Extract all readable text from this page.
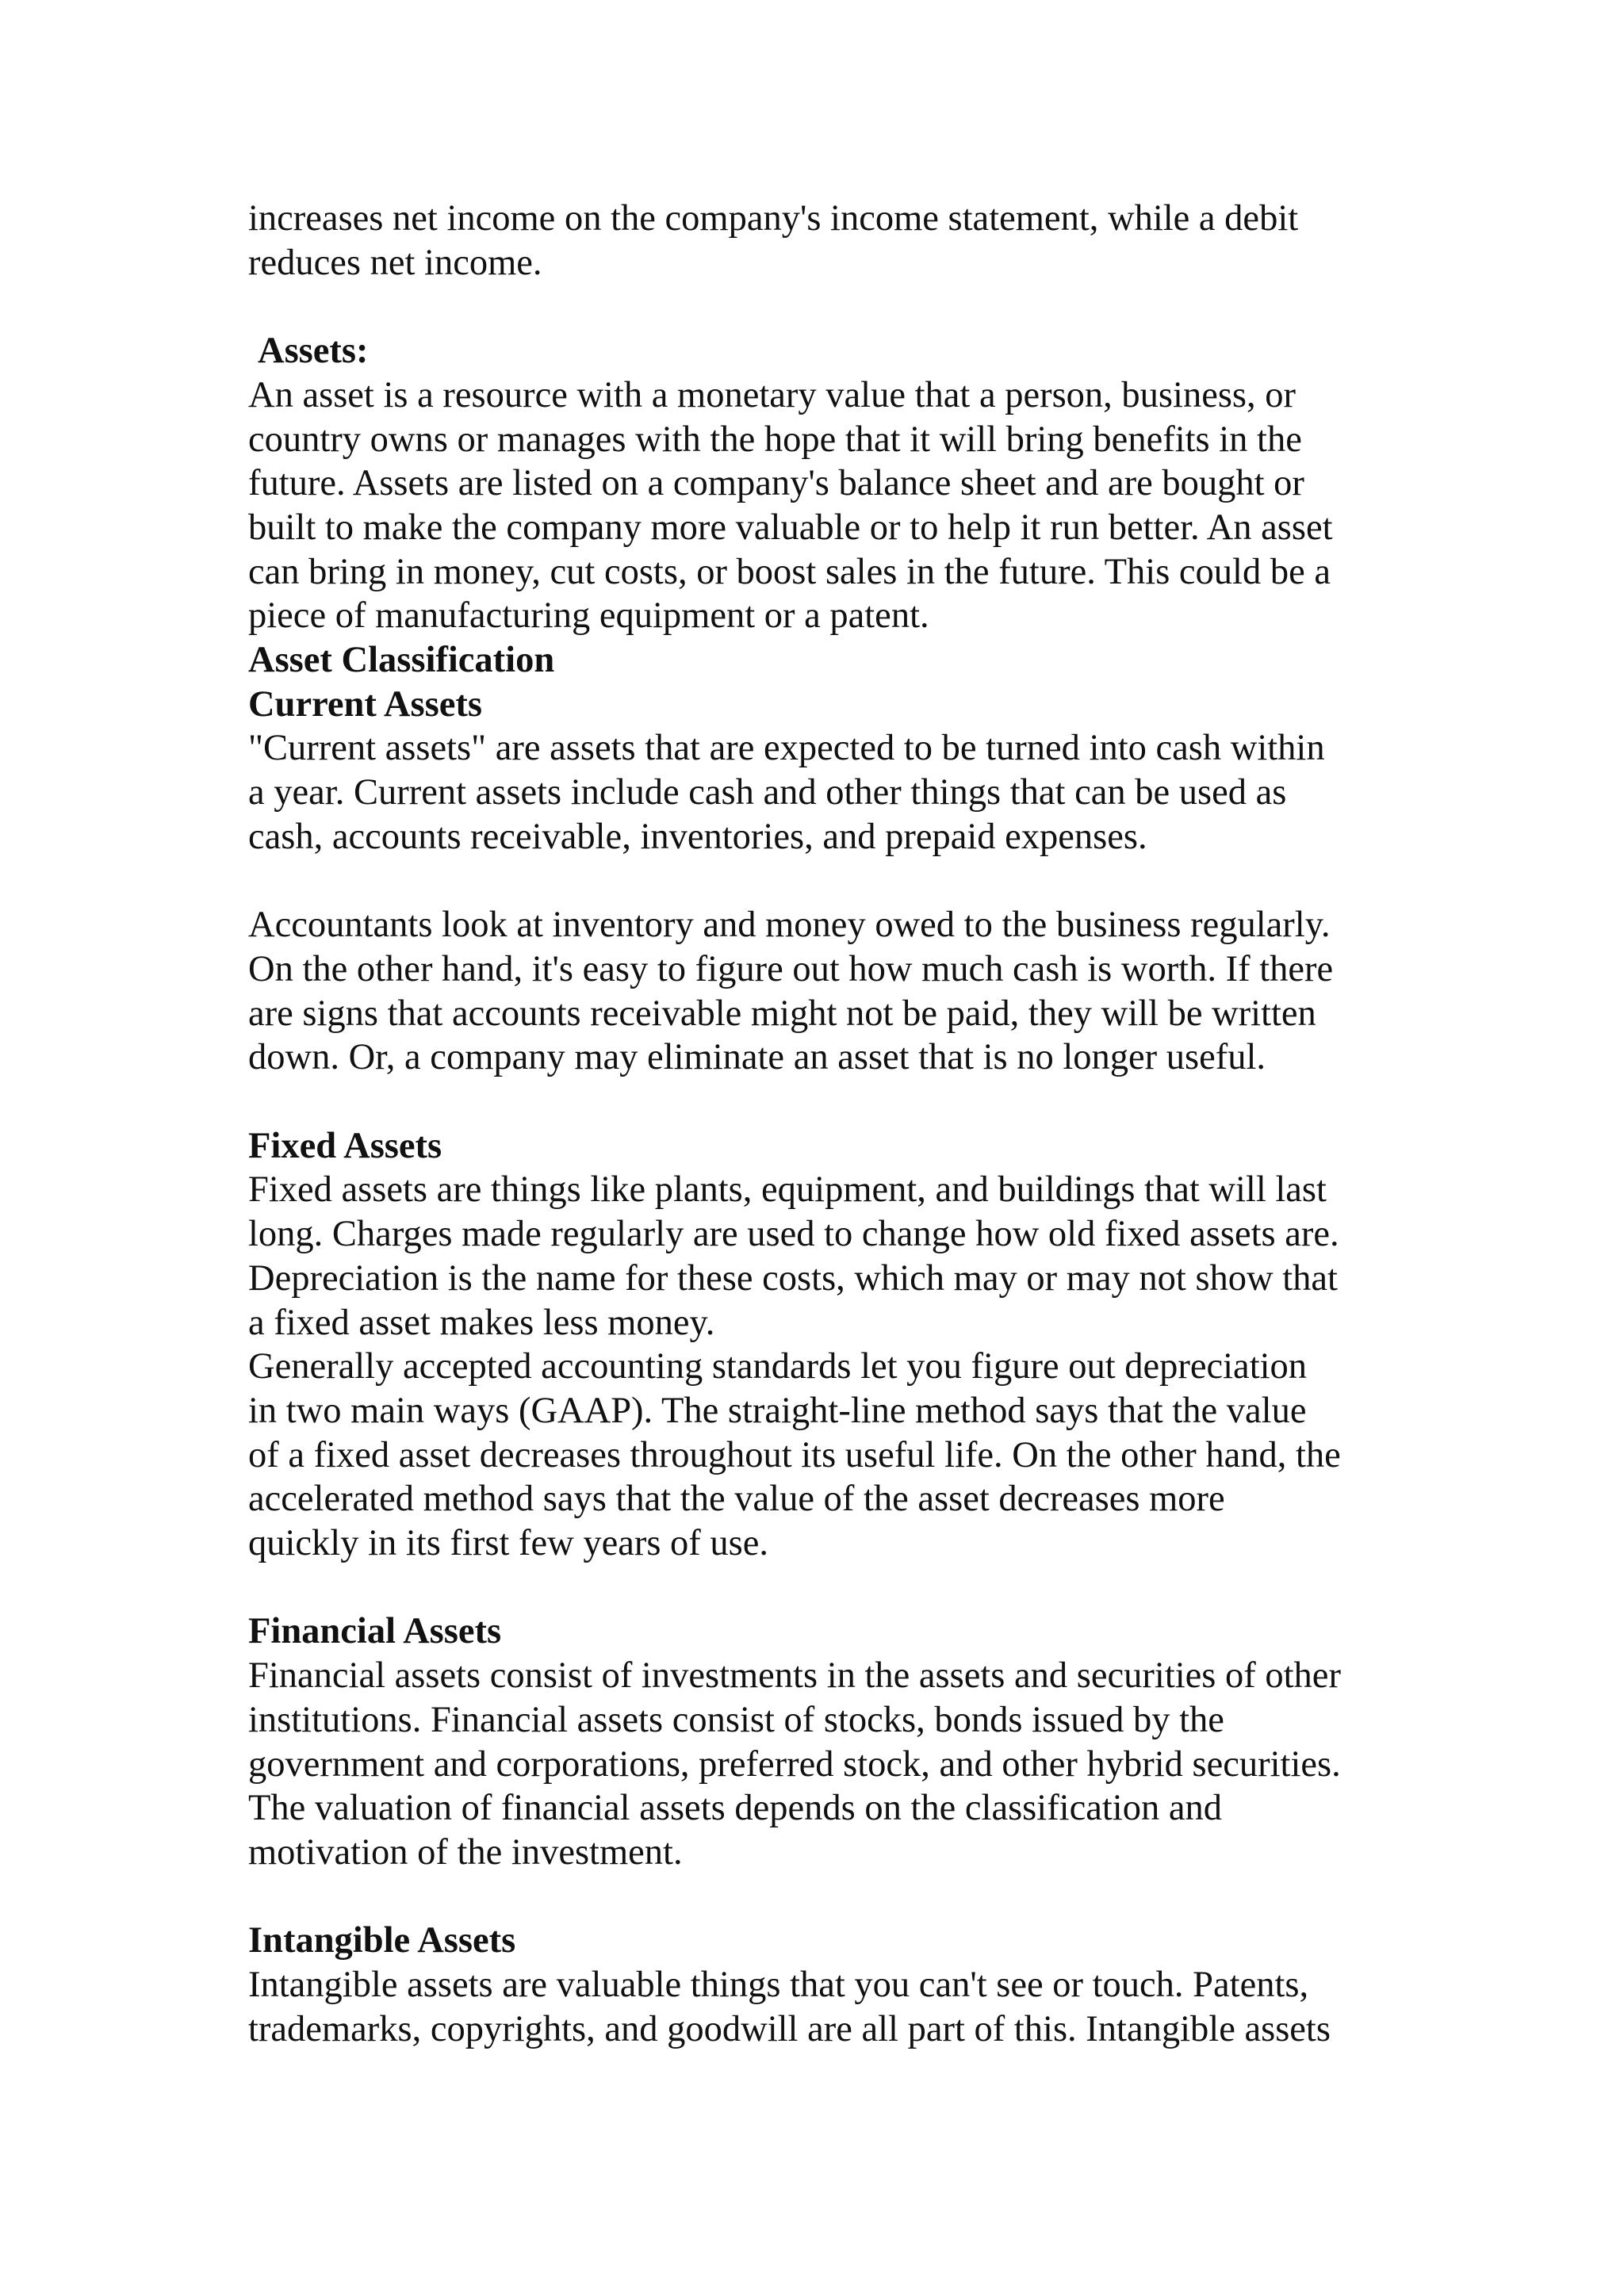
increases net income on the company's income statement, while a debit
reduces net income.
Assets:
An asset is a resource with a monetary value that a person, business, or
country owns or manages with the hope that it will bring benefits in the
future. Assets are listed on a company's balance sheet and are bought or
built to make the company more valuable or to help it run better. An asset
can bring in money, cut costs, or boost sales in the future. This could be a
piece of manufacturing equipment or a patent.
Asset Classification
Current Assets
"Current assets" are assets that are expected to be turned into cash within
a year. Current assets include cash and other things that can be used as
cash, accounts receivable, inventories, and prepaid expenses.
Accountants look at inventory and money owed to the business regularly.
On the other hand, it's easy to figure out how much cash is worth. If there
are signs that accounts receivable might not be paid, they will be written
down. Or, a company may eliminate an asset that is no longer useful.
Fixed Assets
Fixed assets are things like plants, equipment, and buildings that will last
long. Charges made regularly are used to change how old fixed assets are.
Depreciation is the name for these costs, which may or may not show that
a fixed asset makes less money.
Generally accepted accounting standards let you figure out depreciation
in two main ways (GAAP). The straight-line method says that the value
of a fixed asset decreases throughout its useful life. On the other hand, the
accelerated method says that the value of the asset decreases more
quickly in its first few years of use.
Financial Assets
Financial assets consist of investments in the assets and securities of other
institutions. Financial assets consist of stocks, bonds issued by the
government and corporations, preferred stock, and other hybrid securities.
The valuation of financial assets depends on the classification and
motivation of the investment.
Intangible Assets
Intangible assets are valuable things that you can't see or touch. Patents,
trademarks, copyrights, and goodwill are all part of this. Intangible assets
